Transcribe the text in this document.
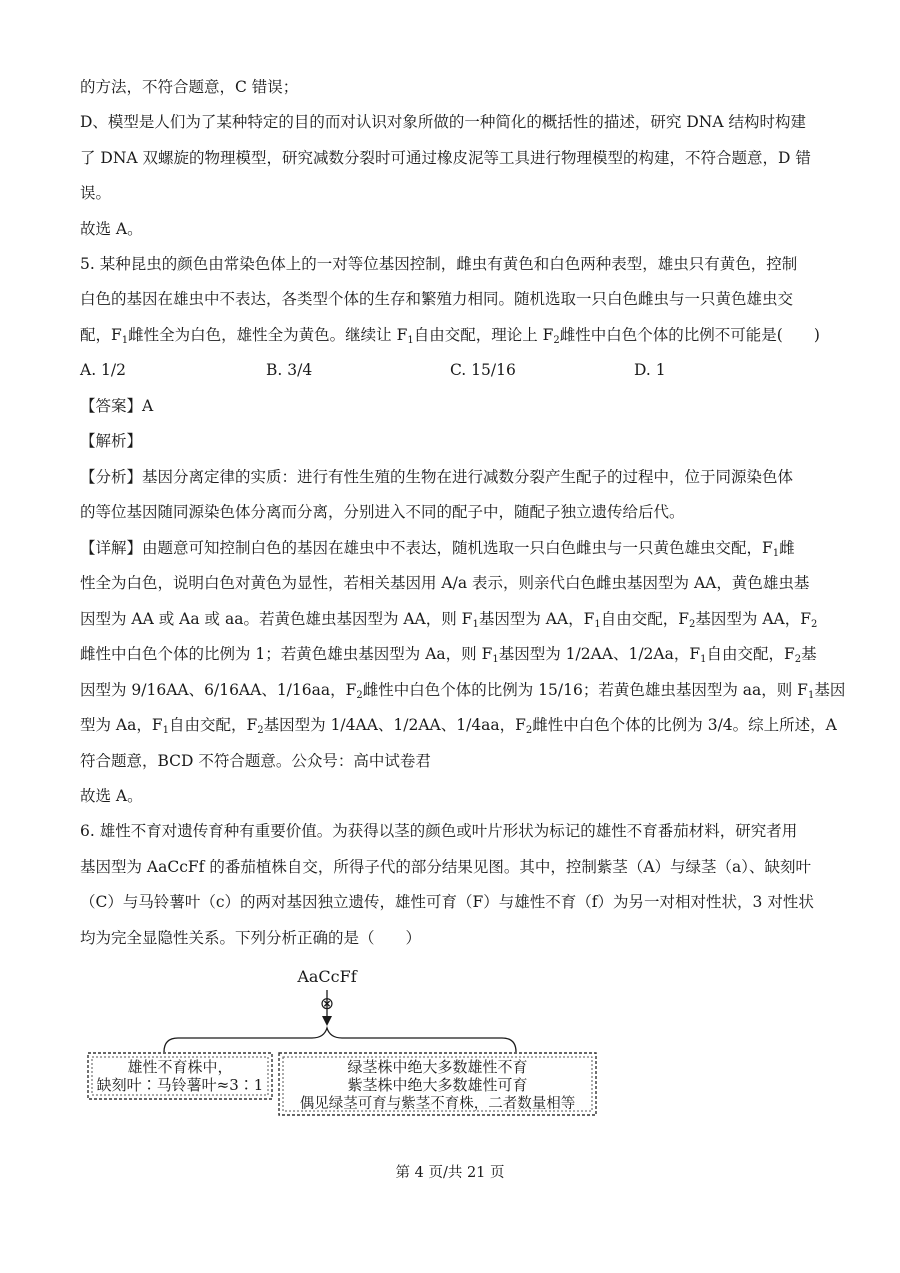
的方法，不符合题意，C 错误；
D、模型是人们为了某种特定的目的而对认识对象所做的一种简化的概括性的描述，研究 DNA 结构时构建
了 DNA 双螺旋的物理模型，研究减数分裂时可通过橡皮泥等工具进行物理模型的构建，不符合题意，D 错
误。
故选 A。
5. 某种昆虫的颜色由常染色体上的一对等位基因控制，雌虫有黄色和白色两种表型，雄虫只有黄色，控制
白色的基因在雄虫中不表达，各类型个体的生存和繁殖力相同。随机选取一只白色雌虫与一只黄色雄虫交
配，$F_1$雌性全为白色，雄性全为黄色。继续让 $F_1$自由交配，理论上 $F_2$雌性中白色个体的比例不可能是(　　)
A. 1/2	B. 3/4	C. 15/16	D. 1
【答案】A
【解析】
【分析】基因分离定律的实质：进行有性生殖的生物在进行减数分裂产生配子的过程中，位于同源染色体
的等位基因随同源染色体分离而分离，分别进入不同的配子中，随配子独立遗传给后代。
【详解】由题意可知控制白色的基因在雄虫中不表达，随机选取一只白色雌虫与一只黄色雄虫交配，$F_1$雌
性全为白色，说明白色对黄色为显性，若相关基因用 A/a 表示，则亲代白色雌虫基因型为 AA，黄色雄虫基
因型为 AA 或 Aa 或 aa。若黄色雄虫基因型为 AA，则 $F_1$基因型为 AA，$F_1$自由交配，$F_2$基因型为 AA，$F_2$
雌性中白色个体的比例为 1；若黄色雄虫基因型为 Aa，则 $F_1$基因型为 1/2AA、1/2Aa，$F_1$自由交配，$F_2$基
因型为 9/16AA、6/16AA、1/16aa，$F_2$雌性中白色个体的比例为 15/16；若黄色雄虫基因型为 aa，则 $F_1$基因
型为 Aa，$F_1$自由交配，$F_2$基因型为 1/4AA、1/2AA、1/4aa，$F_2$雌性中白色个体的比例为 3/4。综上所述，A
符合题意，BCD 不符合题意。公众号：高中试卷君
故选 A。
6. 雄性不育对遗传育种有重要价值。为获得以茎的颜色或叶片形状为标记的雄性不育番茄材料，研究者用
基因型为 AaCcFf 的番茄植株自交，所得子代的部分结果见图。其中，控制紫茎（A）与绿茎（a）、缺刻叶
（C）与马铃薯叶（c）的两对基因独立遗传，雄性可育（F）与雄性不育（f）为另一对相对性状，3 对性状
均为完全显隐性关系。下列分析正确的是（　　）
AaCcFf
⊗
雄性不育株中，
缺刻叶∶马铃薯叶≈3∶1
绿茎株中绝大多数雄性不育
紫茎株中绝大多数雄性可育
偶见绿茎可育与紫茎不育株，二者数量相等
第 4 页/共 21 页
